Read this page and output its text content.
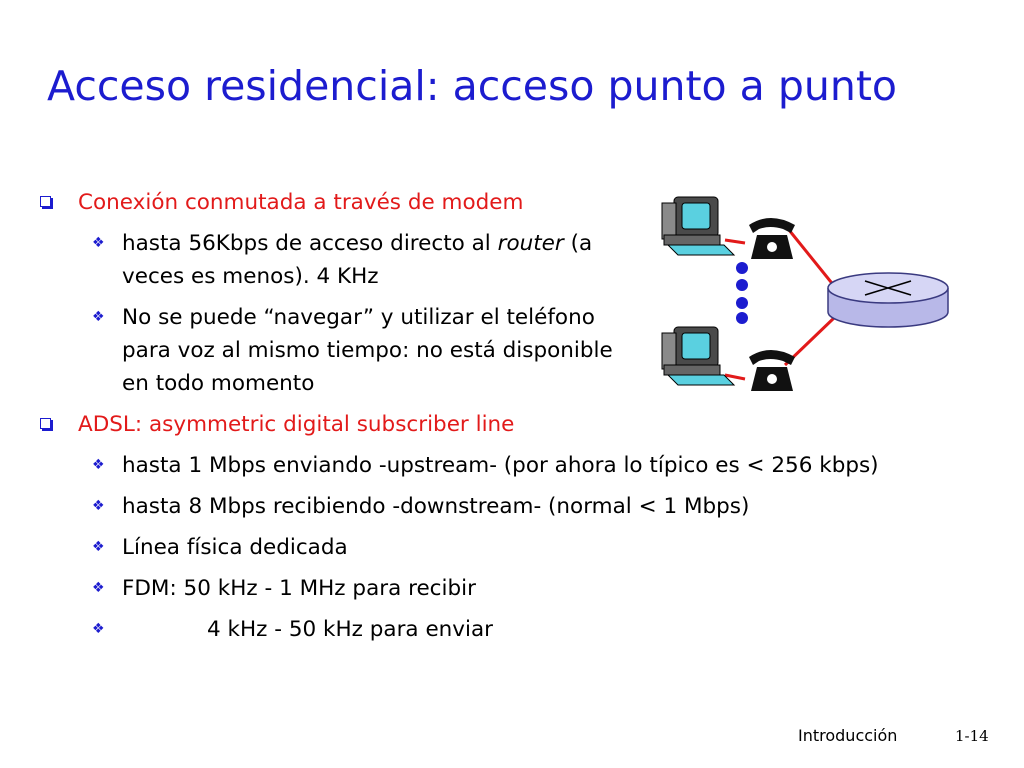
Acceso residencial: acceso punto a punto
Conexión conmutada a través de modem
❖ hasta 56Kbps de acceso directo al router (a veces es menos). 4 KHz
❖ No se puede “navegar” y utilizar el teléfono para voz al mismo tiempo: no está disponible en todo momento
ADSL: asymmetric digital subscriber line
❖ hasta 1 Mbps enviando -upstream- (por ahora lo típico es < 256 kbps)
❖ hasta 8 Mbps recibiendo -downstream- (normal < 1 Mbps)
❖ Línea física dedicada
❖ FDM: 50 kHz - 1 MHz para recibir
❖	4 kHz - 50 kHz para enviar
Introducción	1-14
